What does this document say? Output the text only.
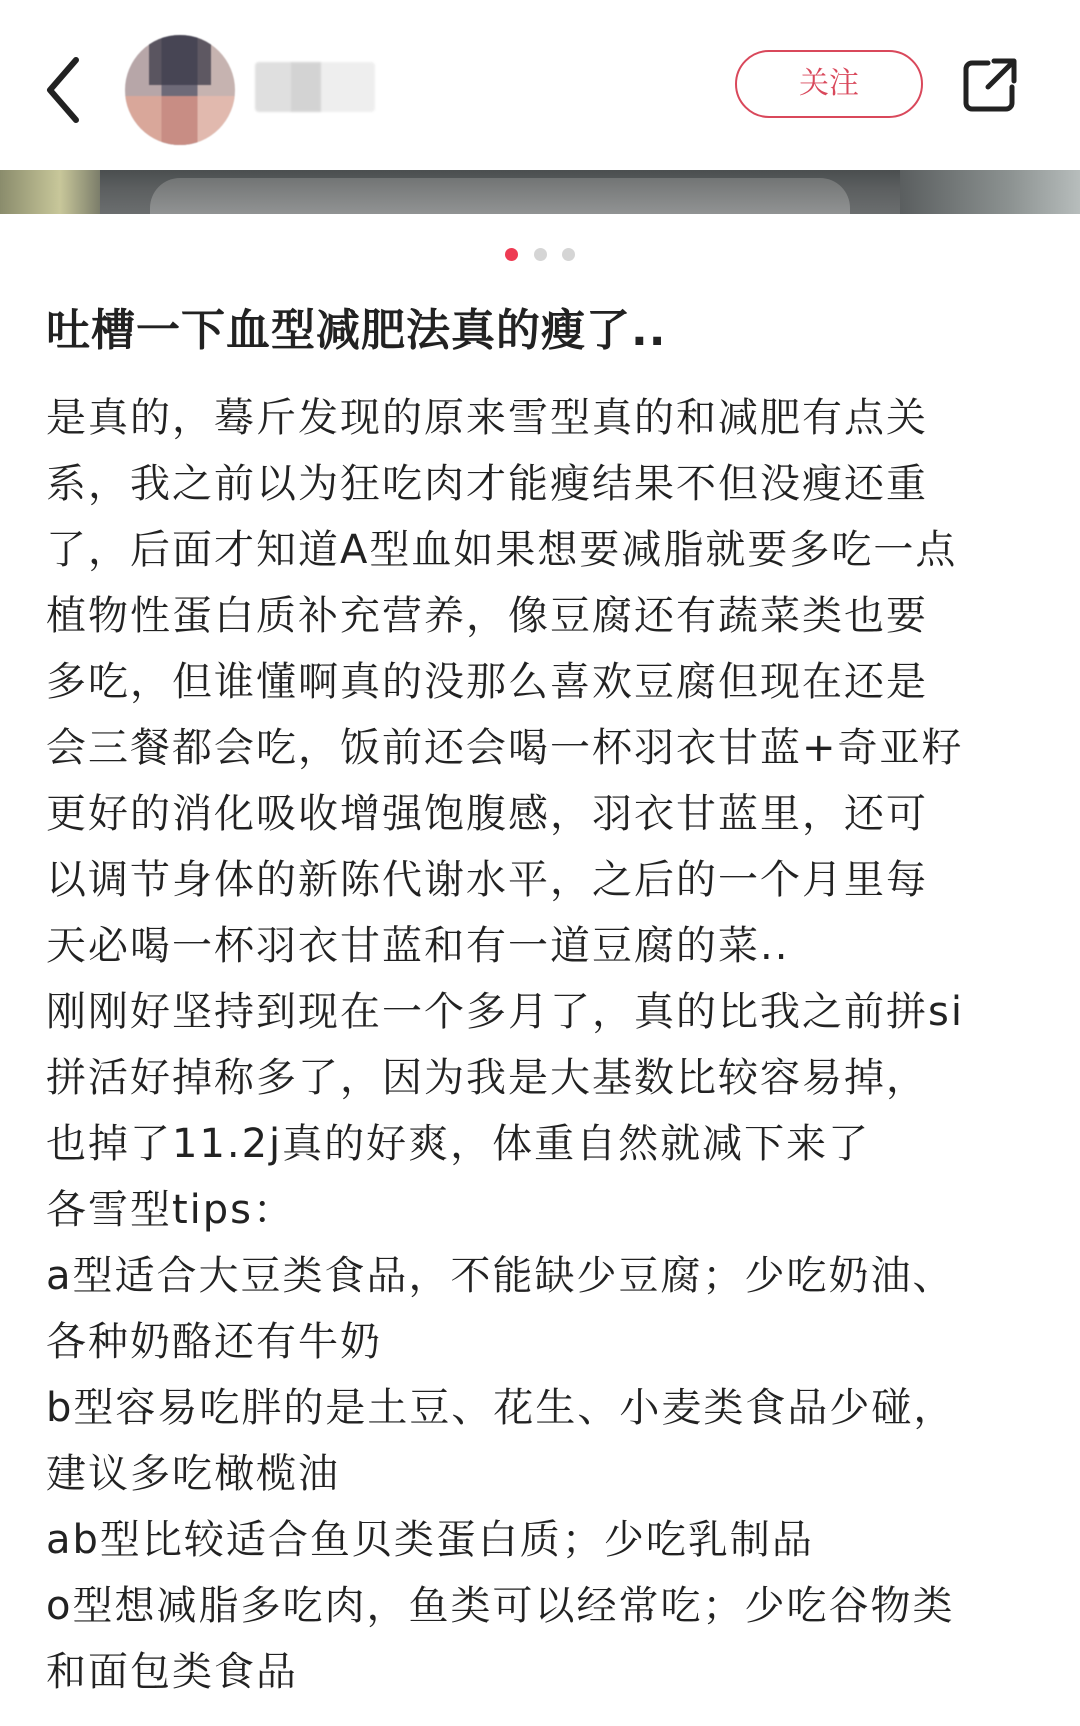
关注

吐槽一下血型减肥法真的瘦了..
是真的，蓦斤发现的原来雪型真的和减肥有点关
系，我之前以为狂吃肉才能瘦结果不但没瘦还重
了，后面才知道A型血如果想要减脂就要多吃一点
植物性蛋白质补充营养，像豆腐还有蔬菜类也要
多吃，但谁懂啊真的没那么喜欢豆腐但现在还是
会三餐都会吃，饭前还会喝一杯羽衣甘蓝+奇亚籽
更好的消化吸收增强饱腹感，羽衣甘蓝里，还可
以调节身体的新陈代谢水平，之后的一个月里每
天必喝一杯羽衣甘蓝和有一道豆腐的菜..
刚刚好坚持到现在一个多月了，真的比我之前拼si
拼活好掉称多了，因为我是大基数比较容易掉，
也掉了11.2j真的好爽，体重自然就减下来了
各雪型tips：
a型适合大豆类食品，不能缺少豆腐；少吃奶油、
各种奶酪还有牛奶
b型容易吃胖的是土豆、花生、小麦类食品少碰，
建议多吃橄榄油
ab型比较适合鱼贝类蛋白质；少吃乳制品
o型想减脂多吃肉，鱼类可以经常吃；少吃谷物类
和面包类食品
